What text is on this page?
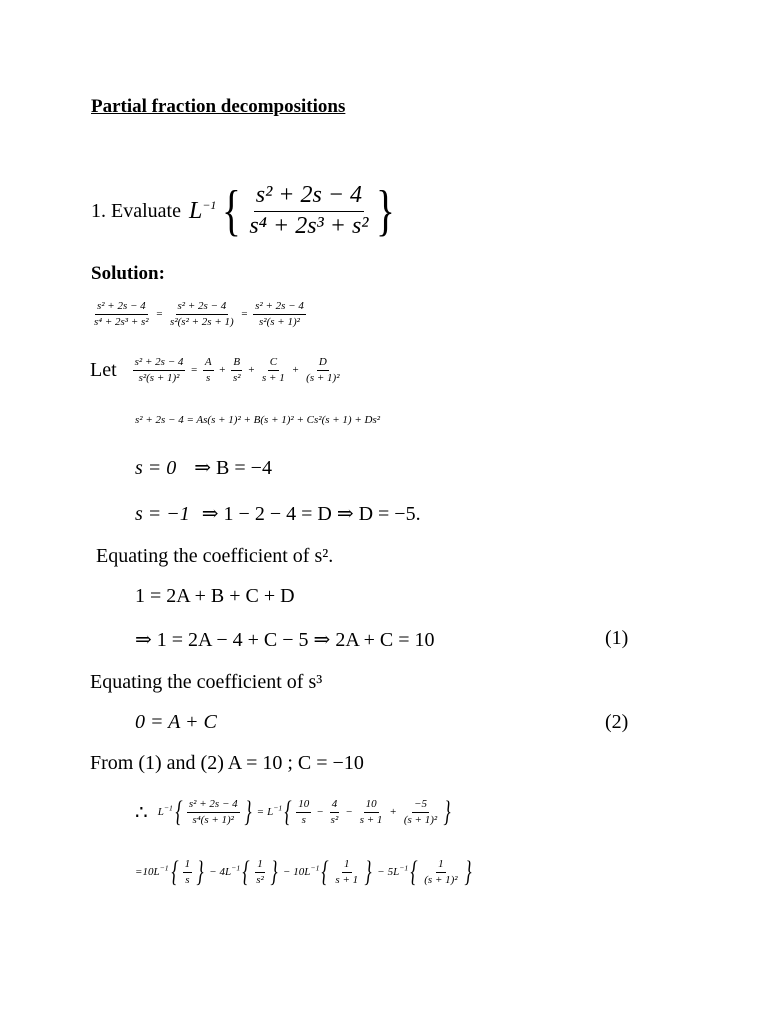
Partial fraction decompositions
1. Evaluate $L^{-1}$ { $\frac{\text{s² + 2s − 4}}{\text{s⁴ + 2s³ + s²}}$ }
Solution:
$\frac{\text{s² + 2s − 4}}{\text{s⁴ + 2s³ + s²}} = \frac{\text{s² + 2s − 4}}{\text{s²(s² + 2s + 1)}} = \frac{\text{s² + 2s − 4}}{\text{s²(s + 1)²}}$
Let $\frac{\text{s² + 2s − 4}}{\text{s²(s + 1)²}} = \frac{A}{s} + \frac{B}{\text{s²}} + \frac{C}{s + 1} + \frac{D}{\text{(s + 1)²}}$
s² + 2s − 4 = As(s + 1)² + B(s + 1)² + Cs²(s + 1) + Ds²
s = 0 ⇒ B = −4
s = −1 ⇒ 1 − 2 − 4 = D ⇒ D = −5.
Equating the coefficient of s².
1 = 2A + B + C + D
⇒ 1 = 2A − 4 + C − 5 ⇒ 2A + C = 10	(1)
Equating the coefficient of s³
0 = A + C	(2)
From (1) and (2) A = 10 ; C = −10
∴ $L^{-1}$ { $\frac{\text{s² + 2s − 4}}{\text{s⁴(s + 1)²}}$ } = $L^{-1}$ { $\frac{10}{s} - \frac{4}{\text{s²}} - \frac{10}{s + 1} + \frac{-5}{\text{(s + 1)²}}$ }
= 10 $L^{-1}$ { $\frac{1}{s}$ } − 4 $L^{-1}$ { $\frac{1}{\text{s²}}$ } − 10 $L^{-1}$ { $\frac{1}{s + 1}$ } − 5 $L^{-1}$ { $\frac{1}{\text{(s + 1)²}}$ }
